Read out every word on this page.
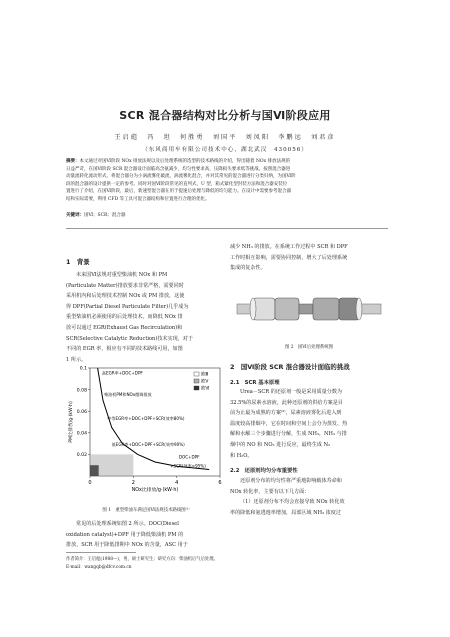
SCR 混合器结构对比分析与国Ⅵ阶段应用
王启彪　冯　坦　何胜勇　刘国平　刘凤阳　李鹏远　刘君彦
（东风商用车有限公司技术中心，湖北武汉　430056）
摘要：本文通过对国Ⅵ阶段 NOx 排放法规以及后处理系统的选型的技术路线的介绍，得出随着 NOx 排放法规的
日益严苛，在国Ⅵ阶段 SCR 混合器设计面临高含氨减少，均匀性要求高，压降损失要求低等挑战。按照混合器进
动量流转化流动形式，将混合器分为小涡流雾化破流，涡流雾化混合，并对其常见的混合器进行分类归纳，为国Ⅵ阶
段的混合器的设计提供一定的参考。同时对国Ⅵ阶段常见的直列式，U 型，箱式紧化型封装方法和混合器安装位
置进行了介绍，在国Ⅵ阶段，最后，新速型混合器在用于提速后处理与降低的均匀能力。在设计中需要参考混合器
结和实际需要，利用 CFD 等工具可混合器结构和位置进行合理的优化。
关键词：国Ⅵ；SCR；混合器
1　背景
未来国Ⅵ法规对重型柴油机 NOx 和 PM
(Particulate Matter)排放要求非常严格，需要同时
采用机内和后处理技术控制 NOx 或 PM 排放，这使
得 DPF(Partial Diesel Particulate Filter)几乎成为
重型柴油机必须使用的后处理技术，而降低 NOx 排
放可以通过 EGR(Exhaust Gas Recirculation)和
SCR(Selective Catalytic Reduction)技术实现，对于
不同的 EGR 率，相应有不同的技术路线可用，如图
1 所示。
0	2	4	6
0.02
0.04
0.06
0.08
0.1
NOx比排放/g·(kW·h)
PM比排放/g·(kW·h)
欧Ⅲ
欧Ⅴ
欧Ⅵ
高EGR率+DOC+DPF
柴油机PM和NOx微调排放
中等EGR率+DOC+DPF+SCR(效率80%)
低EGR率+DOC+DPF+SCR(效率90%)
DOC+DPF
+SCR(效率>95%)
图 1　重型柴油车满足国Ⅵ法规技术路线图⁽¹⁾
常见的后处理系统如图 2 所示。DOC(Diesel
oxidation catalyst)+DPF 用于降低柴油机 PM 的
排放，SCR 用于降低排期中 NOx 的含量，ASC 用于
减少 NH₃ 的排放。在系统工作过程中 SCR 和 DPF
工作时相互影响，需要协同控制，增大了后处理系统
集成的复杂性。
图 2　国Ⅵ后处理系统图
2　国Ⅵ阶段 SCR 混合器设计面临的挑战
2.1　SCR 基本原理
Urea－SCR 的还原剂一般是采用质量分数为
32.5%的尿素水溶液，此种还原剂的供给方案是目
前为止最为成熟的方案⁽²⁾，尿素溶液雾化后进入到
温度较高排烟中，它在时间和空间上会分为蒸发、热
解和水解三个步骤进行分解，生成 NH₃，NH₃ 与排
烟中的 NO 和 NO₂ 进行反应，最终生成 N₂
和 H₂O。
2.2　还原剂均匀分布重要性
还原剂分布的均匀性将严重地影响载体寿命和
NOx 转化率，主要有以下几方面：
（1）还原剂分布不均会直接导致 NOx 转化效
率的降低和氨逃逸率增加，局部区域 NH₃ 浓度过
作者简介：王启彪(1988—)，男，硕士研究生；研究方向：柴油机后气后处理。
E-mail：wangqb@dfcv.com.cn
